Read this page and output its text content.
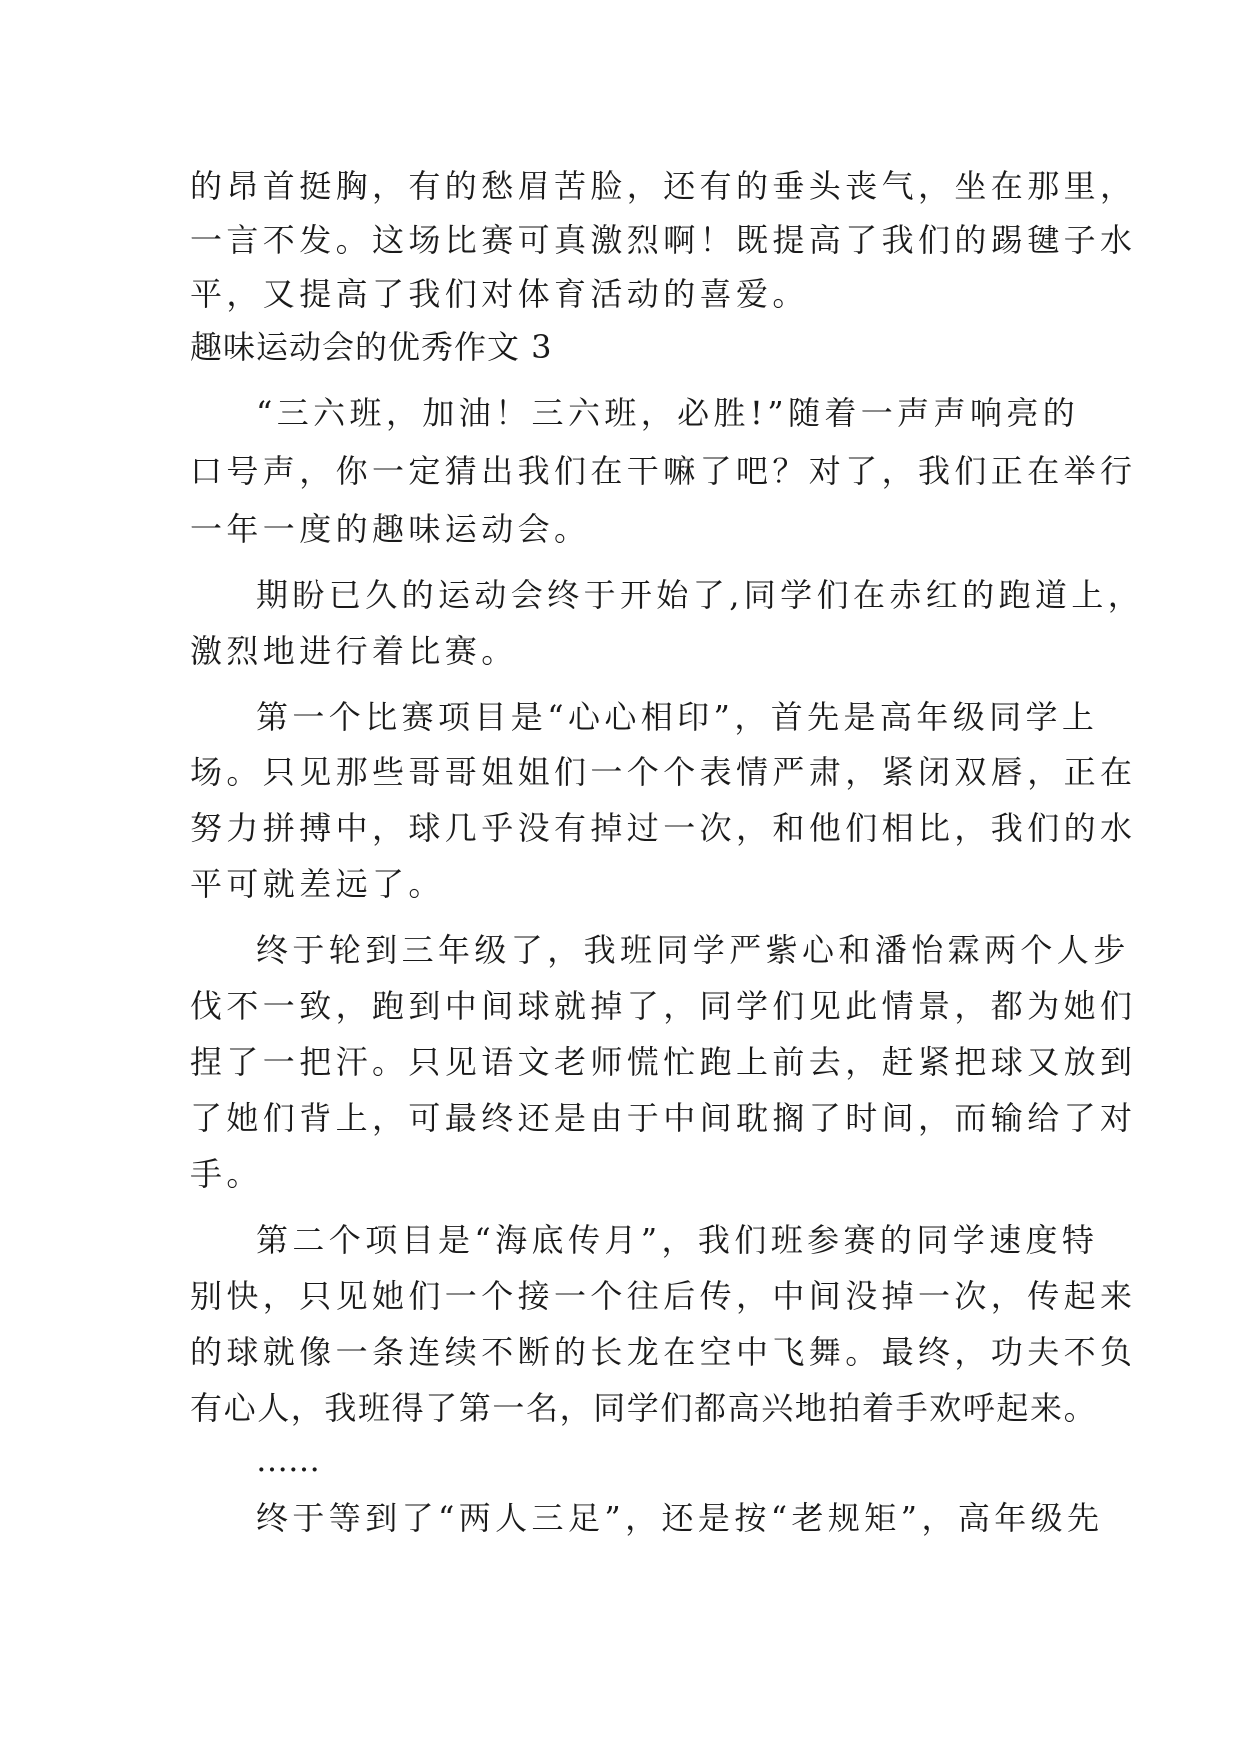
的昂首挺胸，有的愁眉苦脸，还有的垂头丧气，坐在那里，
一言不发。这场比赛可真激烈啊！既提高了我们的踢毽子水
平，又提高了我们对体育活动的喜爱。
趣味运动会的优秀作文 3
“三六班，加油！三六班，必胜!”随着一声声响亮的
口号声，你一定猜出我们在干嘛了吧？对了，我们正在举行
一年一度的趣味运动会。
期盼已久的运动会终于开始了,同学们在赤红的跑道上，
激烈地进行着比赛。
第一个比赛项目是“心心相印”，首先是高年级同学上
场。只见那些哥哥姐姐们一个个表情严肃，紧闭双唇，正在
努力拼搏中，球几乎没有掉过一次，和他们相比，我们的水
平可就差远了。
终于轮到三年级了，我班同学严紫心和潘怡霖两个人步
伐不一致，跑到中间球就掉了，同学们见此情景，都为她们
捏了一把汗。只见语文老师慌忙跑上前去，赶紧把球又放到
了她们背上，可最终还是由于中间耽搁了时间，而输给了对
手。
第二个项目是“海底传月”，我们班参赛的同学速度特
别快，只见她们一个接一个往后传，中间没掉一次，传起来
的球就像一条连续不断的长龙在空中飞舞。最终，功夫不负
有心人，我班得了第一名，同学们都高兴地拍着手欢呼起来。
……
终于等到了“两人三足”，还是按“老规矩”，高年级先
